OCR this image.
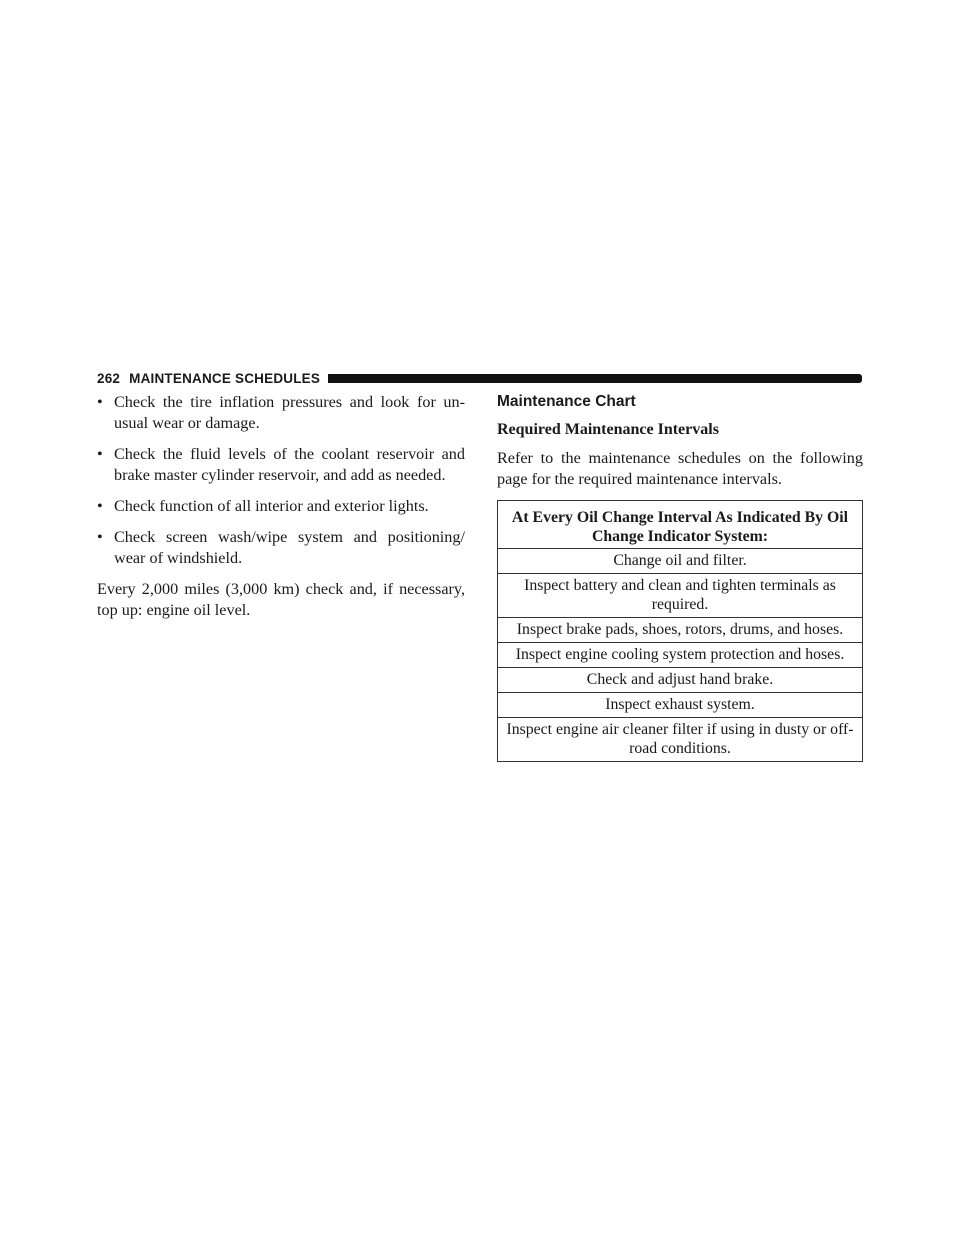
262 MAINTENANCE SCHEDULES
• Check the tire inflation pressures and look for un-usual wear or damage.
• Check the fluid levels of the coolant reservoir and brake master cylinder reservoir, and add as needed.
• Check function of all interior and exterior lights.
• Check screen wash/wipe system and positioning/ wear of windshield.
Every 2,000 miles (3,000 km) check and, if necessary, top up: engine oil level.
Maintenance Chart
Required Maintenance Intervals
Refer to the maintenance schedules on the following page for the required maintenance intervals.
At Every Oil Change Interval As Indicated By Oil Change Indicator System:
Change oil and filter.
Inspect battery and clean and tighten terminals as required.
Inspect brake pads, shoes, rotors, drums, and hoses.
Inspect engine cooling system protection and hoses.
Check and adjust hand brake.
Inspect exhaust system.
Inspect engine air cleaner filter if using in dusty or off-road conditions.
